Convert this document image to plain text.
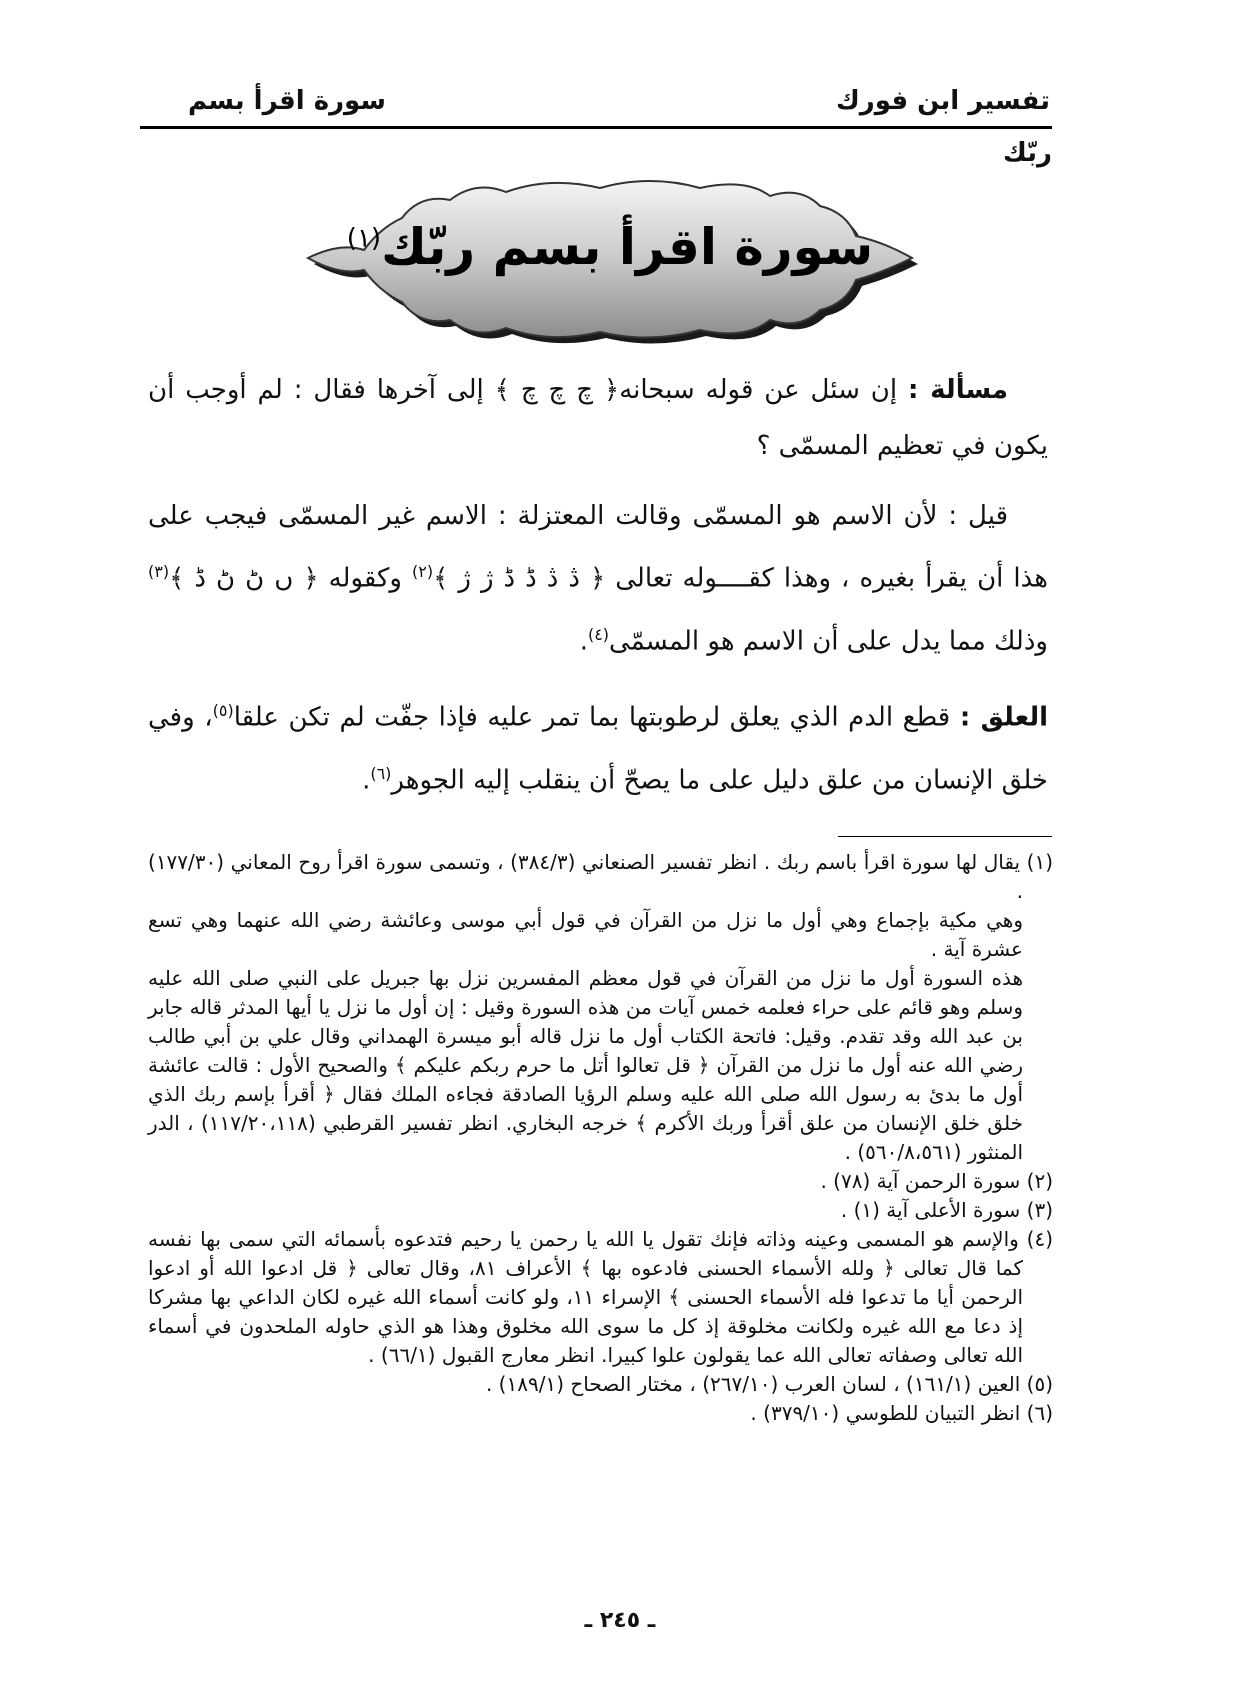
تفسير ابن فورك
سورة اقرأ بسم
ربّك
سورة اقرأ بسم ربّك$^{(١)}$

مسألة : إن سئل عن قوله سبحانه﴿ چ چ چ ﴾ إلى آخرها فقال : لم أوجب أن يكون في تعظيم المسمّى ؟

قيل : لأن الاسم هو المسمّى وقالت المعتزلة : الاسم غير المسمّى فيجب على هذا أن يقرأ بغيره ، وهذا كقــــوله تعالى ﴿ ڎ ڎ ڈ ڈ ژ ژ ﴾$^{(٢)}$ وكقوله ﴿ ں ڻ ڻ ڈ ﴾$^{(٣)}$ وذلك مما يدل على أن الاسم هو المسمّى$^{(٤)}$.

العلق : قطع الدم الذي يعلق لرطوبتها بما تمر عليه فإذا جفّت لم تكن علقا$^{(٥)}$، وفي خلق الإنسان من علق دليل على ما يصحّ أن ينقلب إليه الجوهر$^{(٦)}$.

(١) يقال لها سورة اقرأ باسم ربك . انظر تفسير الصنعاني (٣٨٤/٣) ، وتسمى سورة اقرأ روح المعاني (١٧٧/٣٠) .

وهي مكية بإجماع وهي أول ما نزل من القرآن في قول أبي موسى وعائشة رضي الله عنهما وهي تسع عشرة آية .

هذه السورة أول ما نزل من القرآن في قول معظم المفسرين نزل بها جبريل على النبي صلى الله عليه وسلم وهو قائم على حراء فعلمه خمس آيات من هذه السورة وقيل : إن أول ما نزل يا أيها المدثر قاله جابر بن عبد الله وقد تقدم. وقيل: فاتحة الكتاب أول ما نزل قاله أبو ميسرة الهمداني وقال علي بن أبي طالب رضي الله عنه أول ما نزل من القرآن ﴿ قل تعالوا أتل ما حرم ربكم عليكم ﴾ والصحيح الأول : قالت عائشة أول ما بدئ به رسول الله صلى الله عليه وسلم الرؤيا الصادقة فجاءه الملك فقال ﴿ أقرأ بإسم ربك الذي خلق خلق الإنسان من علق أقرأ وربك الأكرم ﴾ خرجه البخاري. انظر تفسير القرطبي (١١٧/٢٠،١١٨) ، الدر المنثور (٥٦٠/٨،٥٦١) .

(٢) سورة الرحمن آية (٧٨) .

(٣) سورة الأعلى آية (١) .

(٤) والإسم هو المسمى وعينه وذاته فإنك تقول يا الله يا رحمن يا رحيم فتدعوه بأسمائه التي سمى بها نفسه كما قال تعالى ﴿ ولله الأسماء الحسنى فادعوه بها ﴾ الأعراف ٨١، وقال تعالى ﴿ قل ادعوا الله أو ادعوا الرحمن أيا ما تدعوا فله الأسماء الحسنى ﴾ الإسراء ١١، ولو كانت أسماء الله غيره لكان الداعي بها مشركا إذ دعا مع الله غيره ولكانت مخلوقة إذ كل ما سوى الله مخلوق وهذا هو الذي حاوله الملحدون في أسماء الله تعالى وصفاته تعالى الله عما يقولون علوا كبيرا. انظر معارج القبول (٦٦/١) .

(٥) العين (١٦١/١) ، لسان العرب (٢٦٧/١٠) ، مختار الصحاح (١٨٩/١) .

(٦) انظر التبيان للطوسي (٣٧٩/١٠) .

ـ ٢٤٥ ـ
